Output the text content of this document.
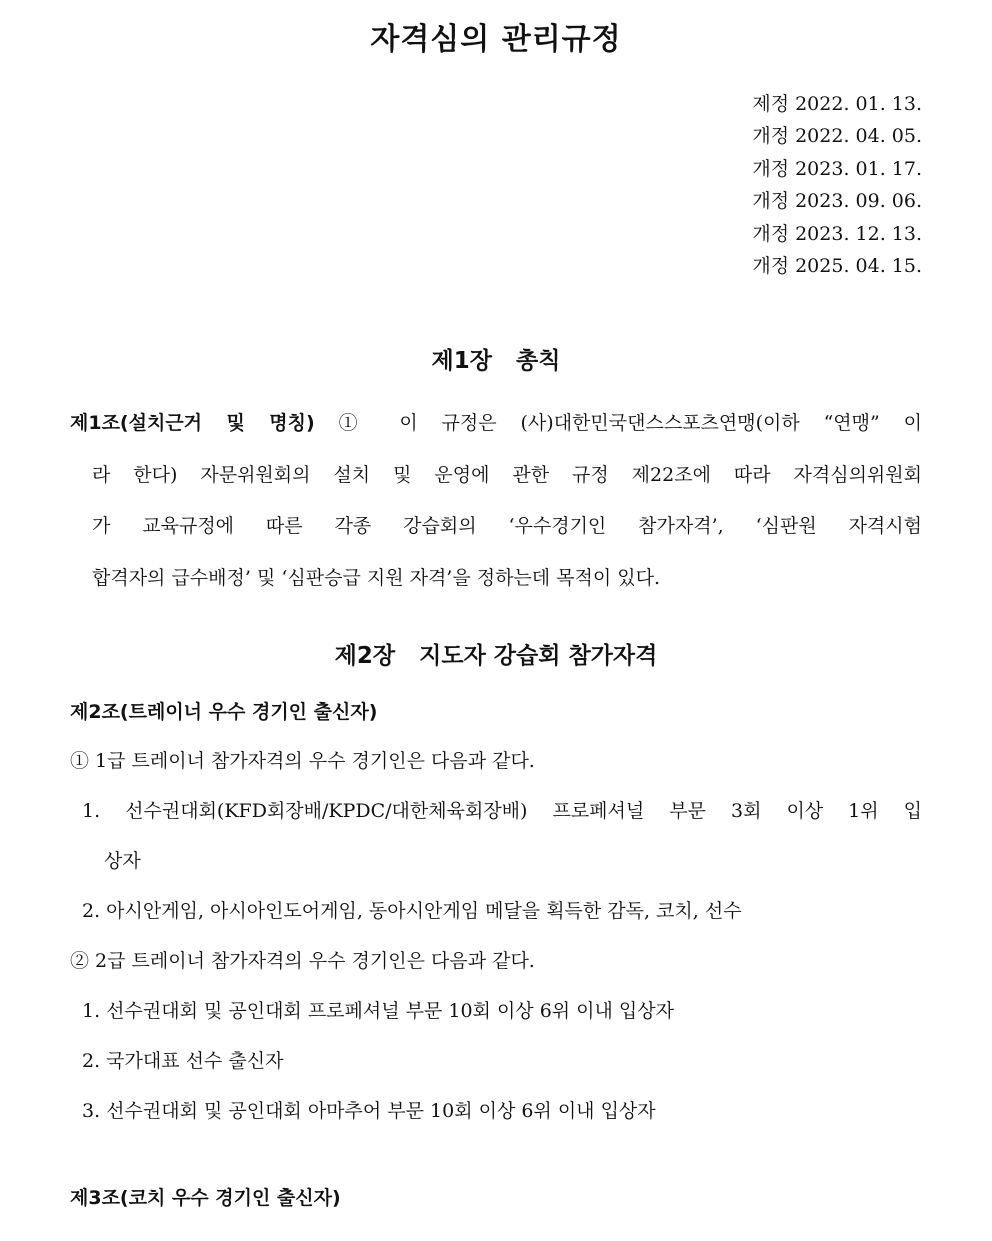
자격심의 관리규정
제정 2022. 01. 13.
개정 2022. 04. 05.
개정 2023. 01. 17.
개정 2023. 09. 06.
개정 2023. 12. 13.
개정 2025. 04. 15.
제1장   총칙
제1조(설치근거 및 명칭) ① 이 규정은 (사)대한민국댄스스포츠연맹(이하 “연맹” 이
라 한다) 자문위원회의 설치 및 운영에 관한 규정 제22조에 따라 자격심의위원회
가 교육규정에 따른 각종 강습회의 ‘우수경기인 참가자격’, ‘심판원 자격시험
합격자의 급수배정’ 및 ‘심판승급 지원 자격’을 정하는데 목적이 있다.
제2장   지도자 강습회 참가자격
제2조(트레이너 우수 경기인 출신자)
① 1급 트레이너 참가자격의 우수 경기인은 다음과 같다.
1. 선수권대회(KFD회장배/KPDC/대한체육회장배) 프로페셔널 부문 3회 이상 1위 입
상자
2. 아시안게임, 아시아인도어게임, 동아시안게임 메달을 획득한 감독, 코치, 선수
② 2급 트레이너 참가자격의 우수 경기인은 다음과 같다.
1. 선수권대회 및 공인대회 프로페셔널 부문 10회 이상 6위 이내 입상자
2. 국가대표 선수 출신자
3. 선수권대회 및 공인대회 아마추어 부문 10회 이상 6위 이내 입상자
제3조(코치 우수 경기인 출신자)
